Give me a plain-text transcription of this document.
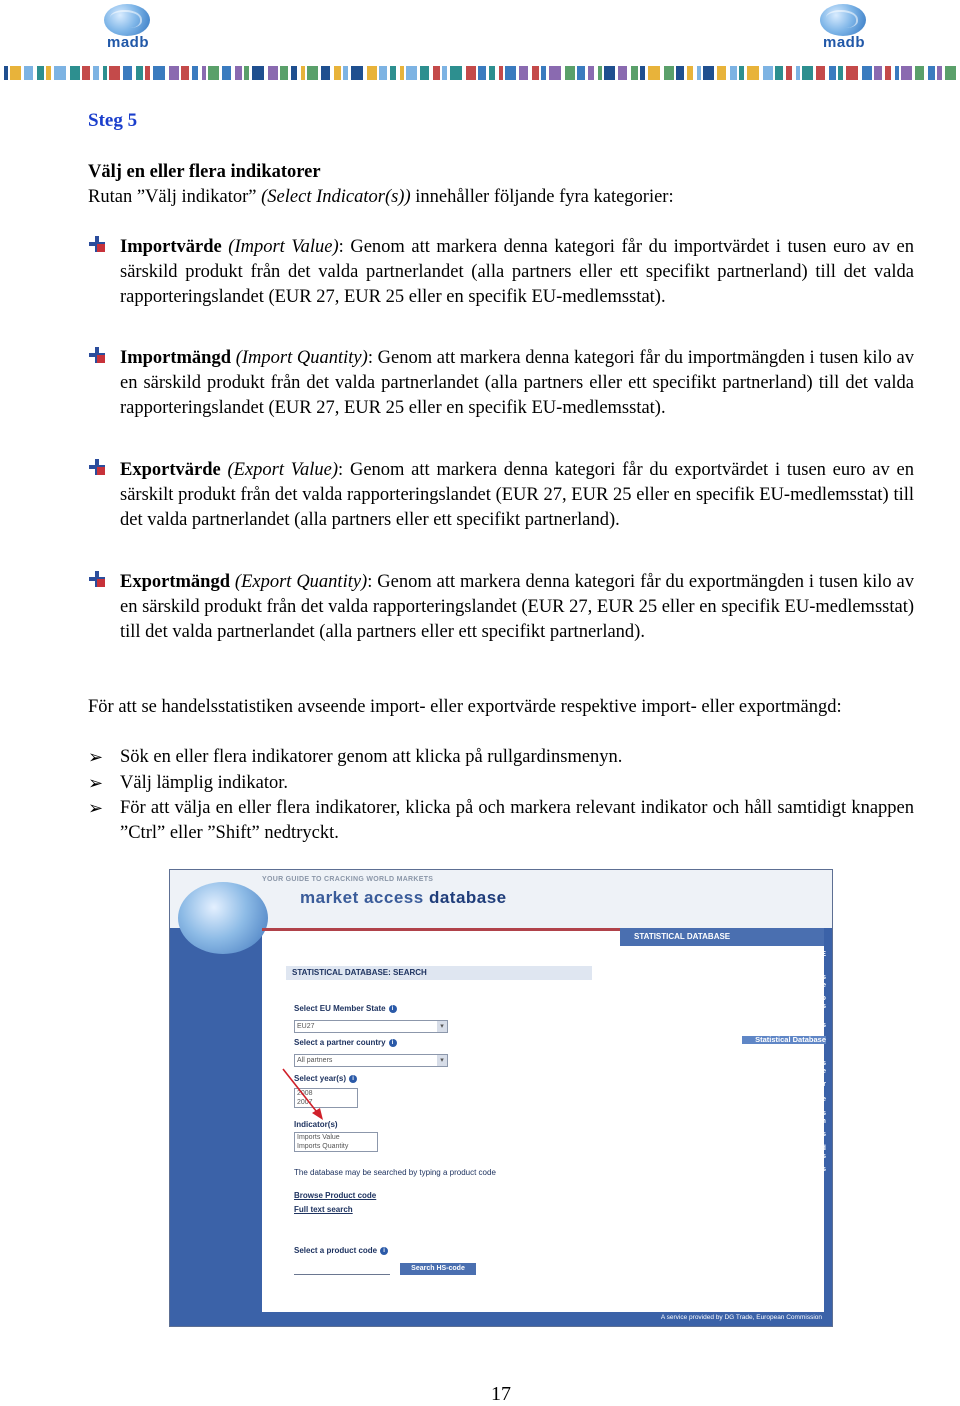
madb	madb
Steg 5
Välj en eller flera indikatorer
Rutan ”Välj indikator” (Select Indicator(s)) innehåller följande fyra kategorier:
Importvärde (Import Value): Genom att markera denna kategori får du importvärdet i tusen euro av en särskild produkt från det valda partnerlandet (alla partners eller ett specifikt partnerland) till det valda rapporteringslandet (EUR 27, EUR 25 eller en specifik EU-medlemsstat).
Importmängd (Import Quantity): Genom att markera denna kategori får du importmängden i tusen kilo av en särskild produkt från det valda partnerlandet (alla partners eller ett specifikt partnerland) till det valda rapporteringslandet (EUR 27, EUR 25 eller en specifik EU-medlemsstat).
Exportvärde (Export Value): Genom att markera denna kategori får du exportvärdet i tusen euro av en särskilt produkt från det valda rapporteringslandet (EUR 27, EUR 25 eller en specifik EU-medlemsstat) till det valda partnerlandet (alla partners eller ett specifikt partnerland).
Exportmängd (Export Quantity): Genom att markera denna kategori får du exportmängden i tusen kilo av en särskild produkt från det valda rapporteringslandet (EUR 27, EUR 25 eller en specifik EU-medlemsstat) till det valda partnerlandet (alla partners eller ett specifikt partnerland).
För att se handelsstatistiken avseende import- eller exportvärde respektive import- eller exportmängd:
➢ Sök en eller flera indikatorer genom att klicka på rullgardinsmenyn.
➢ Välj lämplig indikator.
➢ För att välja en eller flera indikatorer, klicka på och markera relevant indikator och håll samtidigt knappen ”Ctrl” eller ”Shift” nedtryckt.
YOUR GUIDE TO CRACKING WORLD MARKETS
market access database
STATISTICAL DATABASE
HOME
Applied Tariffs Database
Exporter's Guide to Import Formalities
Last Updates
Statistical Database
Trade Barriers Database
Complaint register
SPS Database
Trade Barriers Regulation
Studies
Frequently Asked Questions
Your Comments
STATISTICAL DATABASE: SEARCH
Select EU Member State i
EU27 ▾
Select a partner country i
All partners ▾
Select year(s) i
2008
2007
Indicator(s)
Imports Value
Imports Quantity
The database may be searched by typing a product code
Browse Product code
Full text search
Select a product code i
Search HS-code
A service provided by DG Trade, European Commission
17
